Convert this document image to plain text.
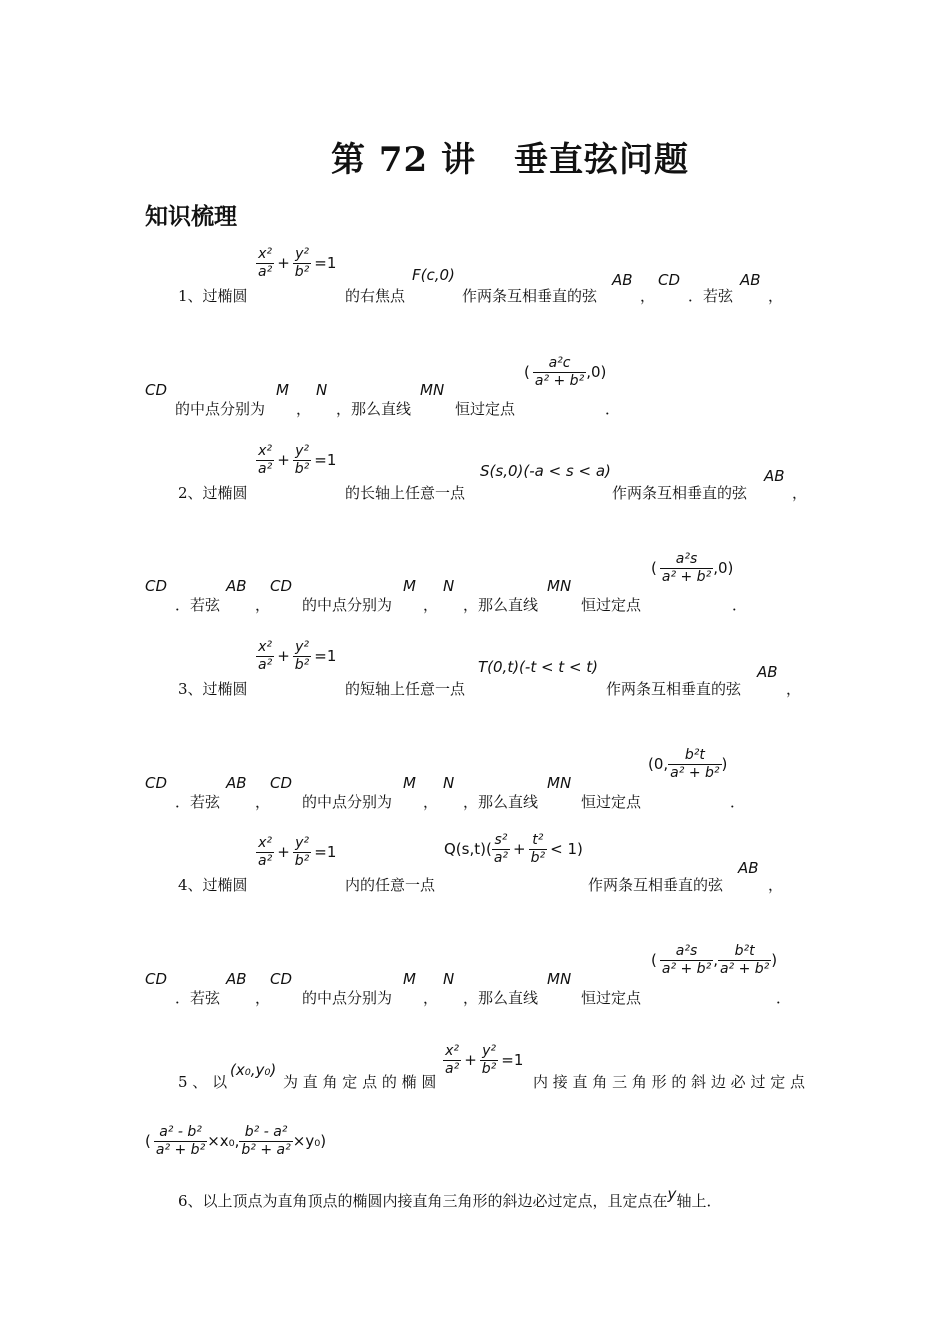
第 72 讲 垂直弦问题
知识梳理
$\frac{\text{x²}}{\text{a²}} + \frac{\text{y²}}{\text{b²}} =1$
1、过椭圆	的右焦点
F(c,0)
作两条互相垂直的弦
AB
，
CD
．若弦
AB
，
CD
的中点分别为
M
，
N
，那么直线
MN
恒过定点
( $\frac{\text{a²c}}{\text{a² + b²}} ,0$)
．
$\frac{\text{x²}}{\text{a²}} + \frac{\text{y²}}{\text{b²}} =1$
2、过椭圆	的长轴上任意一点
S(s,0)(-a < s < a)
作两条互相垂直的弦
AB
，
CD
．若弦
AB
，
CD
的中点分别为
M
，
N
，那么直线
MN
恒过定点
( $\frac{\text{a²s}}{\text{a² + b²}} ,0$)
．
$\frac{\text{x²}}{\text{a²}} + \frac{\text{y²}}{\text{b²}} =1$
3、过椭圆	的短轴上任意一点
T(0,t)(-t < t < t)
作两条互相垂直的弦
AB
，
CD
．若弦
AB
，
CD
的中点分别为
M
，
N
，那么直线
MN
恒过定点
(0, $\frac{\text{b²t}}{\text{a² + b²}}$ )
．
$\frac{\text{x²}}{\text{a²}} + \frac{\text{y²}}{\text{b²}} =1$
4、过椭圆	内的任意一点
$Q(s,t)( \frac{\text{s²}}{\text{a²}} + \frac{\text{t²}}{\text{b²}} < 1)$
作两条互相垂直的弦
AB
，
CD
．若弦
AB
，
CD
的中点分别为
M
，
N
，那么直线
MN
恒过定点
( $\frac{\text{a²s}}{\text{a² + b²}}$ , $\frac{\text{b²t}}{\text{a² + b²}}$ )
．
5 、 以
(x₀,y₀)
为 直 角 定 点 的 椭 圆
$\frac{\text{x²}}{\text{a²}} + \frac{\text{y²}}{\text{b²}} =1$
内 接 直 角 三 角 形 的 斜 边 必 过 定 点
( $\frac{\text{a² - b²}}{\text{a² + b²}} \times x_0$, $\frac{\text{b² - a²}}{\text{b² + a²}} \times y_0$)
6、以上顶点为直角顶点的椭圆内接直角三角形的斜边必过定点，且定点在y轴上．
